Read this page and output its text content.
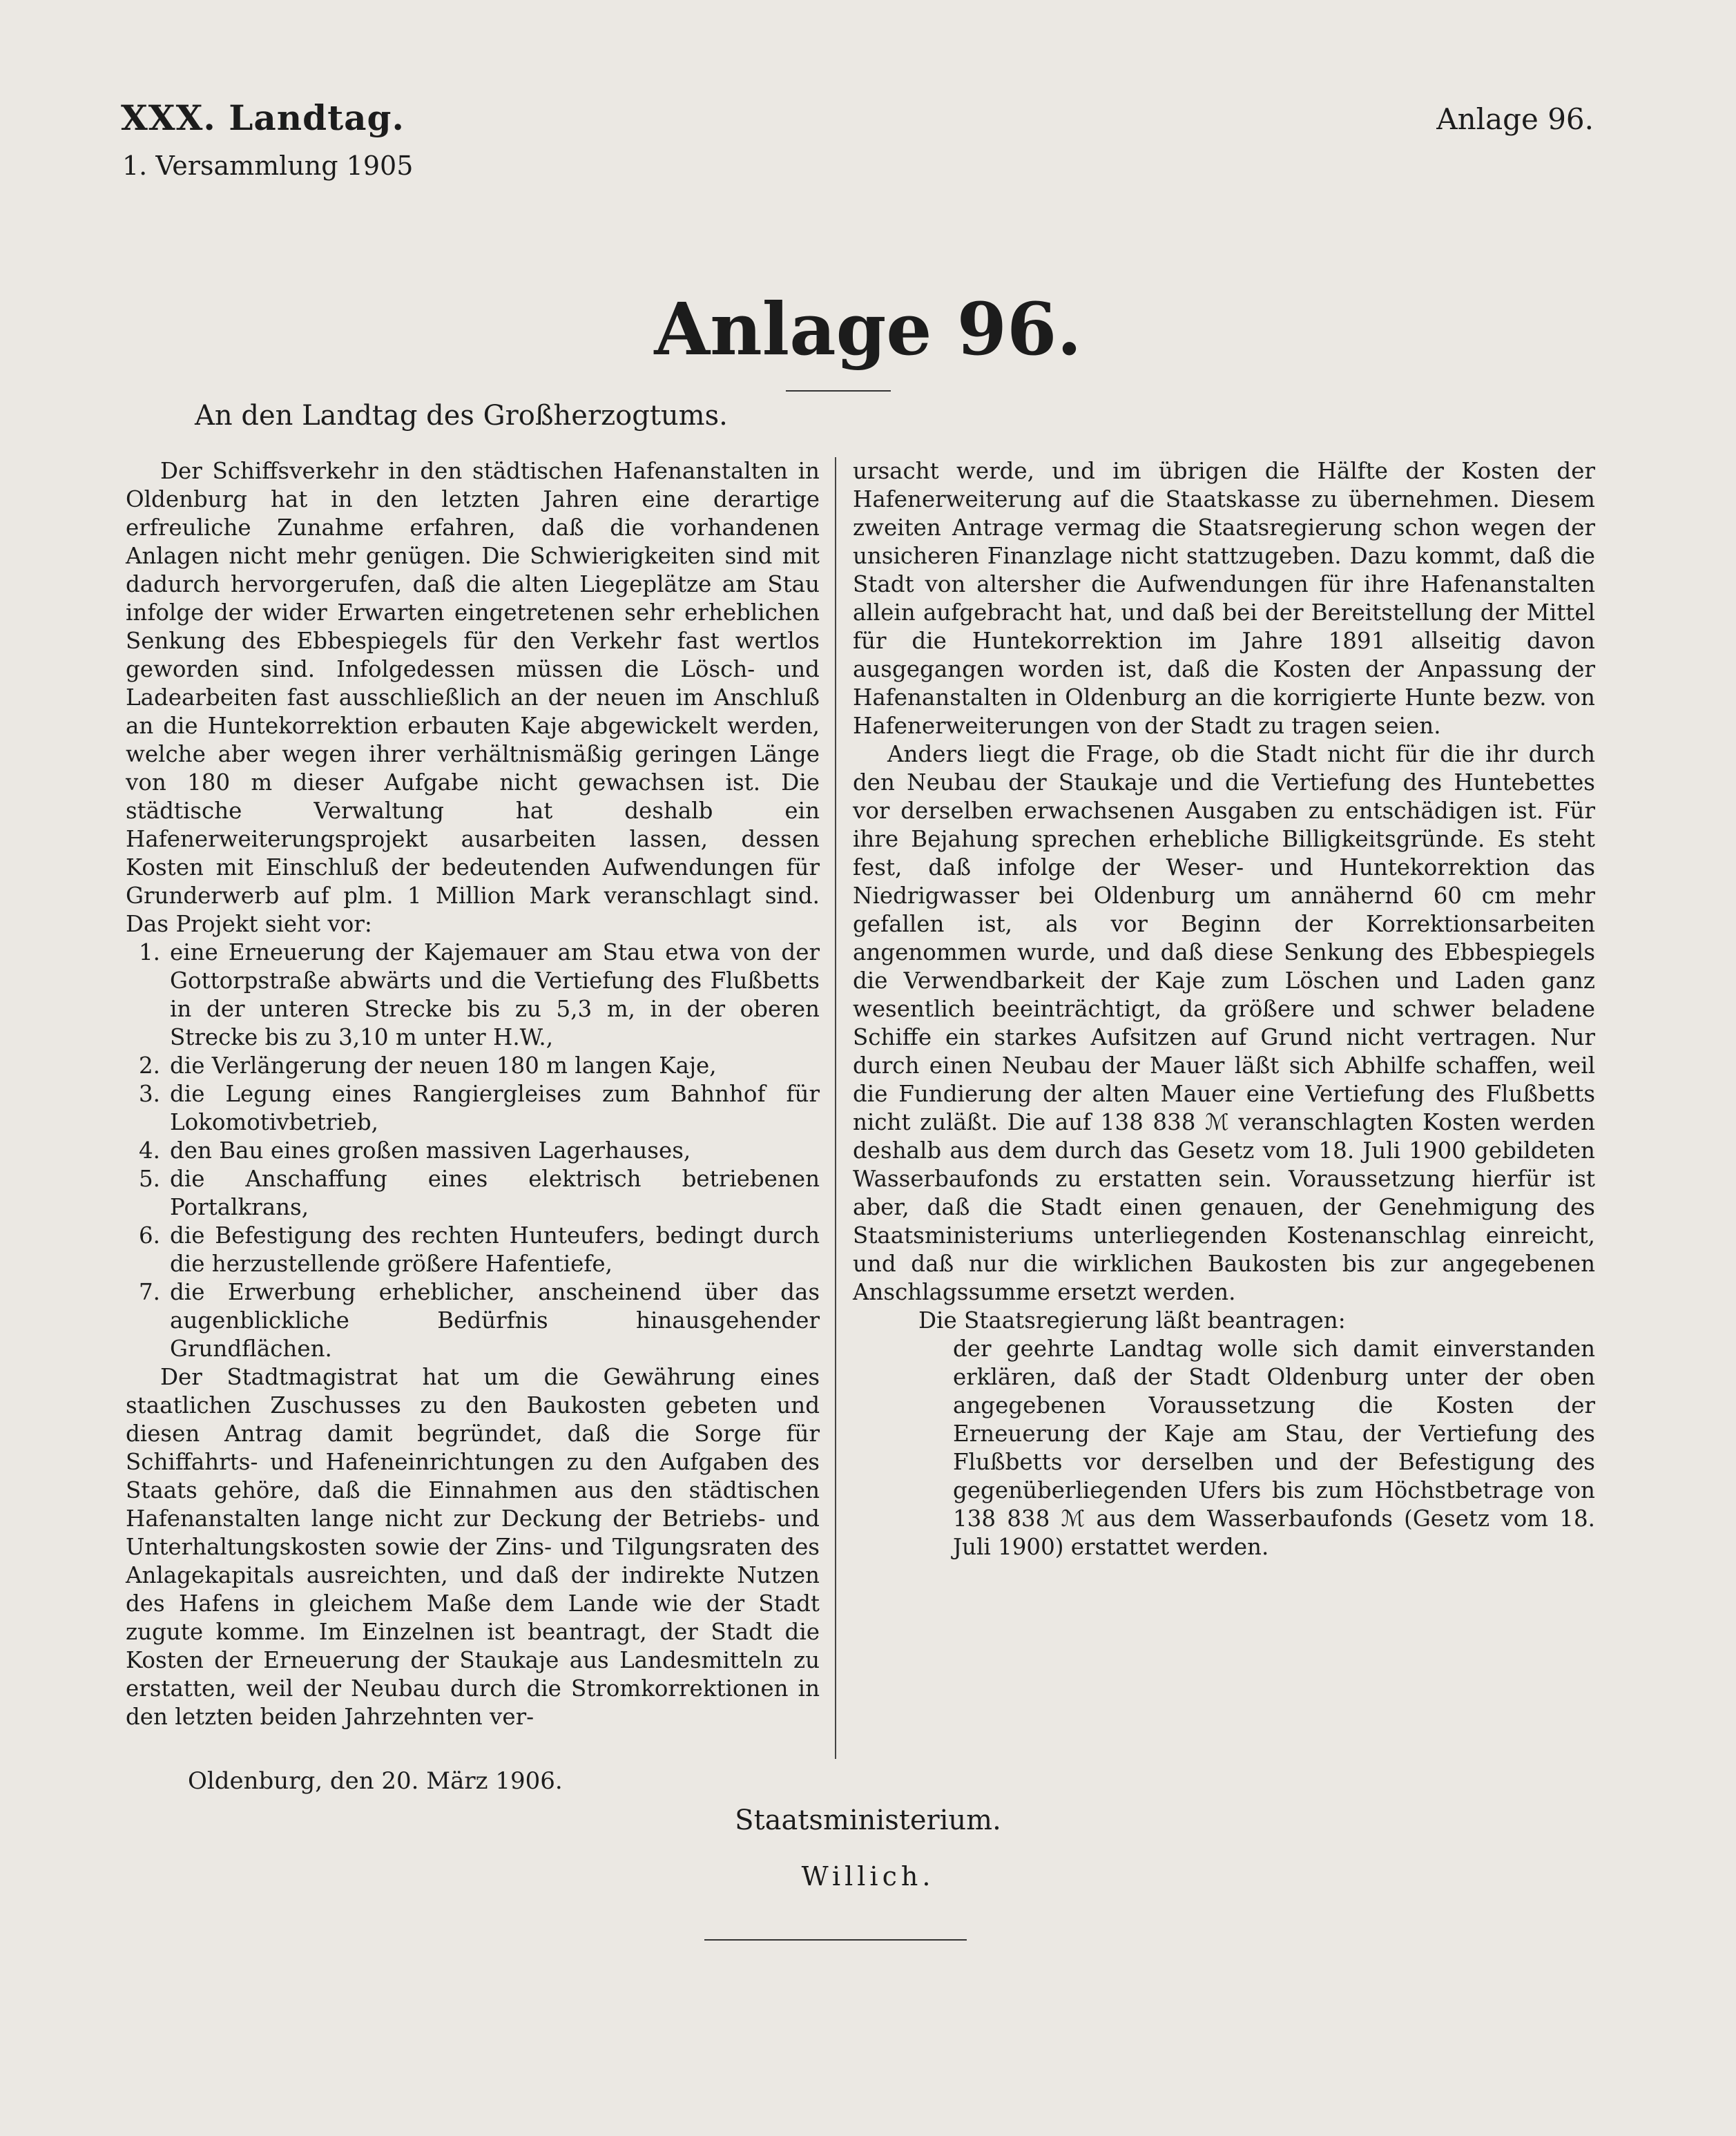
XXX. Landtag.
1. Versammlung 1905
Anlage 96.
Anlage 96.
An den Landtag des Großherzogtums.

Der Schiffsverkehr in den städtischen Hafenanstalten in Oldenburg hat in den letzten Jahren eine derartige erfreuliche Zunahme erfahren, daß die vorhandenen Anlagen nicht mehr genügen. Die Schwierigkeiten sind mit dadurch hervorgerufen, daß die alten Liegeplätze am Stau infolge der wider Erwarten eingetretenen sehr erheblichen Senkung des Ebbespiegels für den Verkehr fast wertlos geworden sind. Infolgedessen müssen die Lösch- und Ladearbeiten fast ausschließlich an der neuen im Anschluß an die Huntekorrektion erbauten Kaje abgewickelt werden, welche aber wegen ihrer verhältnismäßig geringen Länge von 180 m dieser Aufgabe nicht gewachsen ist. Die städtische Verwaltung hat deshalb ein Hafenerweiterungsprojekt ausarbeiten lassen, dessen Kosten mit Einschluß der bedeutenden Aufwendungen für Grunderwerb auf plm. 1 Million Mark veranschlagt sind. Das Projekt sieht vor:

1. eine Erneuerung der Kajemauer am Stau etwa von der Gottorpstraße abwärts und die Vertiefung des Flußbetts in der unteren Strecke bis zu 5,3 m, in der oberen Strecke bis zu 3,10 m unter H.W.,
2. die Verlängerung der neuen 180 m langen Kaje,
3. die Legung eines Rangiergleises zum Bahnhof für Lokomotivbetrieb,
4. den Bau eines großen massiven Lagerhauses,
5. die Anschaffung eines elektrisch betriebenen Portalkrans,
6. die Befestigung des rechten Hunteufers, bedingt durch die herzustellende größere Hafentiefe,
7. die Erwerbung erheblicher, anscheinend über das augenblickliche Bedürfnis hinausgehender Grundflächen.

Der Stadtmagistrat hat um die Gewährung eines staatlichen Zuschusses zu den Baukosten gebeten und diesen Antrag damit begründet, daß die Sorge für Schiffahrts- und Hafeneinrichtungen zu den Aufgaben des Staats gehöre, daß die Einnahmen aus den städtischen Hafenanstalten lange nicht zur Deckung der Betriebs- und Unterhaltungskosten sowie der Zins- und Tilgungsraten des Anlagekapitals ausreichten, und daß der indirekte Nutzen des Hafens in gleichem Maße dem Lande wie der Stadt zugute komme. Im Einzelnen ist beantragt, der Stadt die Kosten der Erneuerung der Staukaje aus Landesmitteln zu erstatten, weil der Neubau durch die Stromkorrektionen in den letzten beiden Jahrzehnten ver-

ursacht werde, und im übrigen die Hälfte der Kosten der Hafenerweiterung auf die Staatskasse zu übernehmen. Diesem zweiten Antrage vermag die Staatsregierung schon wegen der unsicheren Finanzlage nicht stattzugeben. Dazu kommt, daß die Stadt von altersher die Aufwendungen für ihre Hafenanstalten allein aufgebracht hat, und daß bei der Bereitstellung der Mittel für die Huntekorrektion im Jahre 1891 allseitig davon ausgegangen worden ist, daß die Kosten der Anpassung der Hafenanstalten in Oldenburg an die korrigierte Hunte bezw. von Hafenerweiterungen von der Stadt zu tragen seien.

Anders liegt die Frage, ob die Stadt nicht für die ihr durch den Neubau der Staukaje und die Vertiefung des Huntebettes vor derselben erwachsenen Ausgaben zu entschädigen ist. Für ihre Bejahung sprechen erhebliche Billigkeitsgründe. Es steht fest, daß infolge der Weser- und Huntekorrektion das Niedrigwasser bei Oldenburg um annähernd 60 cm mehr gefallen ist, als vor Beginn der Korrektionsarbeiten angenommen wurde, und daß diese Senkung des Ebbespiegels die Verwendbarkeit der Kaje zum Löschen und Laden ganz wesentlich beeinträchtigt, da größere und schwer beladene Schiffe ein starkes Aufsitzen auf Grund nicht vertragen. Nur durch einen Neubau der Mauer läßt sich Abhilfe schaffen, weil die Fundierung der alten Mauer eine Vertiefung des Flußbetts nicht zuläßt. Die auf 138 838 ℳ veranschlagten Kosten werden deshalb aus dem durch das Gesetz vom 18. Juli 1900 gebildeten Wasserbaufonds zu erstatten sein. Voraussetzung hierfür ist aber, daß die Stadt einen genauen, der Genehmigung des Staatsministeriums unterliegenden Kostenanschlag einreicht, und daß nur die wirklichen Baukosten bis zur angegebenen Anschlagssumme ersetzt werden.

Die Staatsregierung läßt beantragen:

der geehrte Landtag wolle sich damit einverstanden erklären, daß der Stadt Oldenburg unter der oben angegebenen Voraussetzung die Kosten der Erneuerung der Kaje am Stau, der Vertiefung des Flußbetts vor derselben und der Befestigung des gegenüberliegenden Ufers bis zum Höchstbetrage von 138 838 ℳ aus dem Wasserbaufonds (Gesetz vom 18. Juli 1900) erstattet werden.

Oldenburg, den 20. März 1906.
Staatsministerium.
Willich.
